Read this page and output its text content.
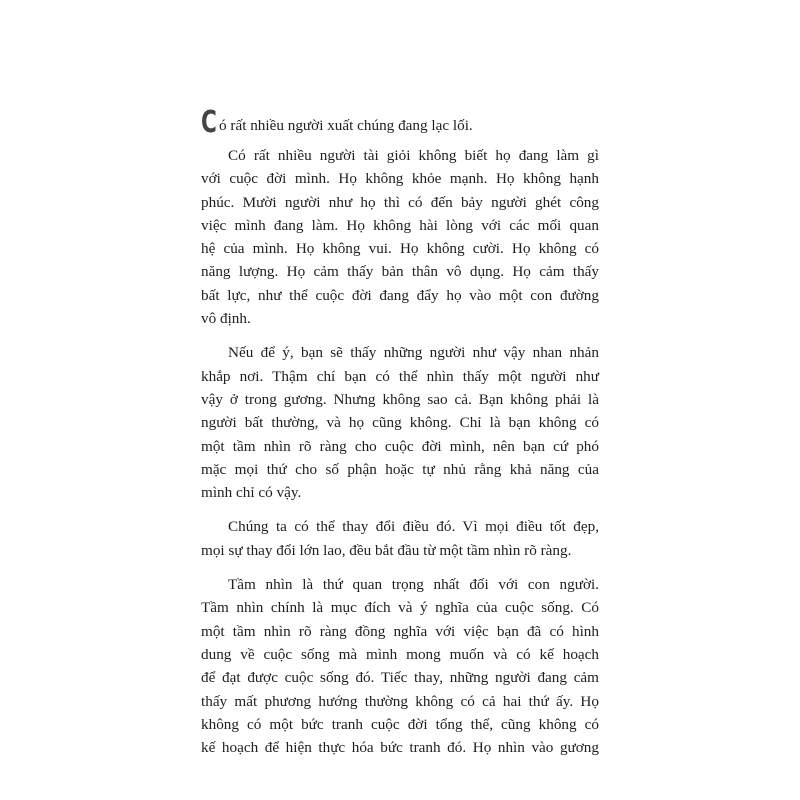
C ó rất nhiều người xuất chúng đang lạc lối.
Có rất nhiều người tài giỏi không biết họ đang làm gì
với cuộc đời mình. Họ không khỏe mạnh. Họ không hạnh
phúc. Mười người như họ thì có đến bảy người ghét công
việc mình đang làm. Họ không hài lòng với các mối quan
hệ của mình. Họ không vui. Họ không cười. Họ không có
năng lượng. Họ cảm thấy bản thân vô dụng. Họ cảm thấy
bất lực, như thể cuộc đời đang đẩy họ vào một con đường
vô định.
Nếu để ý, bạn sẽ thấy những người như vậy nhan nhản
khắp nơi. Thậm chí bạn có thể nhìn thấy một người như
vậy ở trong gương. Nhưng không sao cả. Bạn không phải là
người bất thường, và họ cũng không. Chỉ là bạn không có
một tầm nhìn rõ ràng cho cuộc đời mình, nên bạn cứ phó
mặc mọi thứ cho số phận hoặc tự nhủ rằng khả năng của
mình chỉ có vậy.
Chúng ta có thể thay đổi điều đó. Vì mọi điều tốt đẹp,
mọi sự thay đổi lớn lao, đều bắt đầu từ một tầm nhìn rõ ràng.
Tầm nhìn là thứ quan trọng nhất đối với con người.
Tầm nhìn chính là mục đích và ý nghĩa của cuộc sống. Có
một tầm nhìn rõ ràng đồng nghĩa với việc bạn đã có hình
dung về cuộc sống mà mình mong muốn và có kế hoạch
để đạt được cuộc sống đó. Tiếc thay, những người đang cảm
thấy mất phương hướng thường không có cả hai thứ ấy. Họ
không có một bức tranh cuộc đời tổng thể, cũng không có
kế hoạch để hiện thực hóa bức tranh đó. Họ nhìn vào gương
